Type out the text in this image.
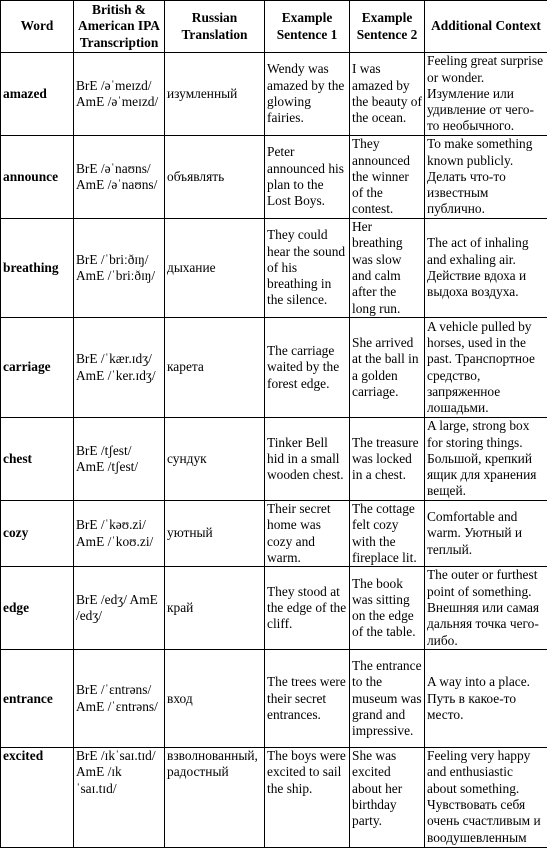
Word	British & American IPA Transcription	Russian Translation	Example Sentence 1	Example Sentence 2	Additional Context
amazed	BrE /əˈmeɪzd/ AmE /əˈmeɪzd/	изумленный	Wendy was amazed by the glowing fairies.	I was amazed by the beauty of the ocean.	Feeling great surprise or wonder. Изумление или удивление от чего-то необычного.
announce	BrE /əˈnaʊns/ AmE /əˈnaʊns/	объявлять	Peter announced his plan to the Lost Boys.	They announced the winner of the contest.	To make something known publicly. Делать что-то известным публично.
breathing	BrE /ˈbriːðɪŋ/ AmE /ˈbriːðɪŋ/	дыхание	They could hear the sound of his breathing in the silence.	Her breathing was slow and calm after the long run.	The act of inhaling and exhaling air. Действие вдоха и выдоха воздуха.
carriage	BrE /ˈkær.ɪdʒ/ AmE /ˈker.ɪdʒ/	карета	The carriage waited by the forest edge.	She arrived at the ball in a golden carriage.	A vehicle pulled by horses, used in the past. Транспортное средство, запряженное лошадьми.
chest	BrE /tʃest/ AmE /tʃest/	сундук	Tinker Bell hid in a small wooden chest.	The treasure was locked in a chest.	A large, strong box for storing things. Большой, крепкий ящик для хранения вещей.
cozy	BrE /ˈkəʊ.zi/ AmE /ˈkoʊ.zi/	уютный	Their secret home was cozy and warm.	The cottage felt cozy with the fireplace lit.	Comfortable and warm. Уютный и теплый.
edge	BrE /edʒ/ AmE /edʒ/	край	They stood at the edge of the cliff.	The book was sitting on the edge of the table.	The outer or furthest point of something. Внешняя или самая дальняя точка чего-либо.
entrance	BrE /ˈɛntrəns/ AmE /ˈɛntrəns/	вход	The trees were their secret entrances.	The entrance to the museum was grand and impressive.	A way into a place. Путь в какое-то место.
excited	BrE /ɪkˈsaɪ.tɪd/ AmE /ɪk ˈsaɪ.tɪd/	взволнованный, радостный	The boys were excited to sail the ship.	She was excited about her birthday party.	Feeling very happy and enthusiastic about something. Чувствовать себя очень счастливым и воодушевленным
